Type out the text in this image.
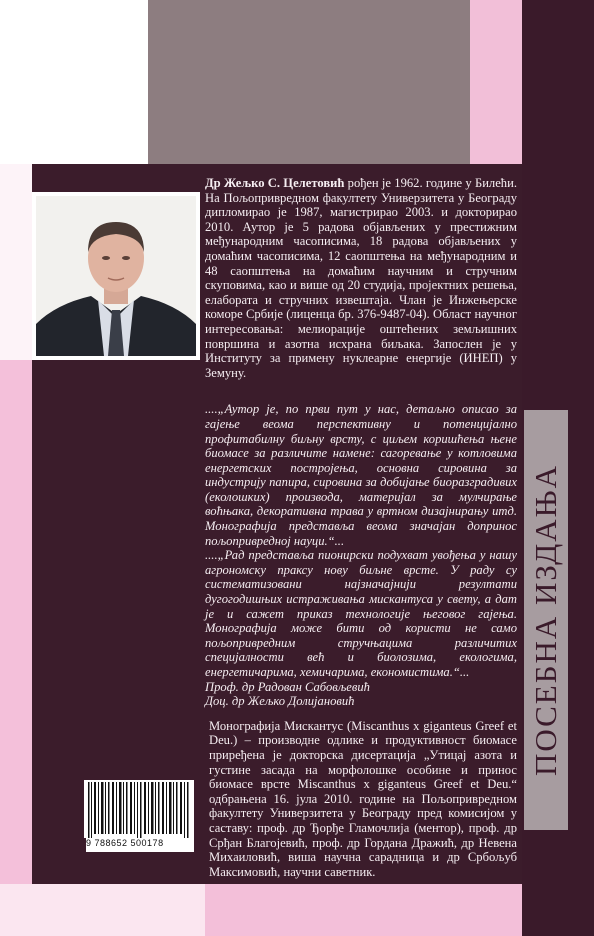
Др Жељко С. Целетовић рођен је 1962. године у Билећи. На Пољопривредном факултету Универзитета у Београду дипломирао је 1987, магистрирао 2003. и докторирао 2010. Аутор је 5 радова објављених у престижним међународним часописима, 18 радова објављених у домаћим часописима, 12 саопштења на међународним и 48 саопштења на домаћим научним и стручним скуповима, као и више од 20 студија, пројектних решења, елабората и стручних извештаја. Члан је Инжењерске коморе Србије (лиценца бр. 376-9487-04). Област научног интересовања: мелиорације оштећених земљишних површина и азотна исхрана биљака. Запослен је у Институту за примену нуклеарне енергије (ИНЕП) у Земуну.
....„Аутор је, по први пут у нас, детаљно описао за гајење веома перспективну и потенцијално профитабилну биљну врсту, с циљем коришћења њене биомасе за различите намене: сагоревање у котловима енергетских постројења, основна сировина за индустрију папира, сировина за добијање биоразградивих (еколошких) производа, материјал за мулчирање воћњака, декоративна трава у вртном дизајнирању итд. Монографија представља веома значајан допринос пољопривредној науци.“...
....„Рад представља пионирски подухват увођења у нашу агрономску праксу нову биљне врсте. У раду су систематизовани најзначајнији резултати дугогодишњих истраживања мискантуса у свету, а дат је и сажет приказ технологије његовог гајења. Монографија може бити од користи не само пољопривредним стручњацима различитих специјалности већ и биолозима, екологима, енергетичарима, хемичарима, економистима.“...
Проф. др Радован Сабовљевић
Доц. др Жељко Долијановић
Монографија Мискантус (Miscanthus x giganteus Greef et Deu.) – производне одлике и продуктивност биомасе приређена је докторска дисертација „Утицај азота и густине засада на морфолошке особине и принос биомасе врсте Miscanthus x giganteus Greef et Deu.“ одбрањена 16. јула 2010. године на Пољопривредном факултету Универзитета у Београду пред комисијом у саставу: проф. др Ђорђе Гламочлија (ментор), проф. др Срђан Благојевић, проф. др Гордана Дражић, др Невена Михаиловић, виша научна сарадница и др Србољуб Максимовић, научни саветник.
ПОСЕБНА ИЗДАЊА
9 788652 500178
